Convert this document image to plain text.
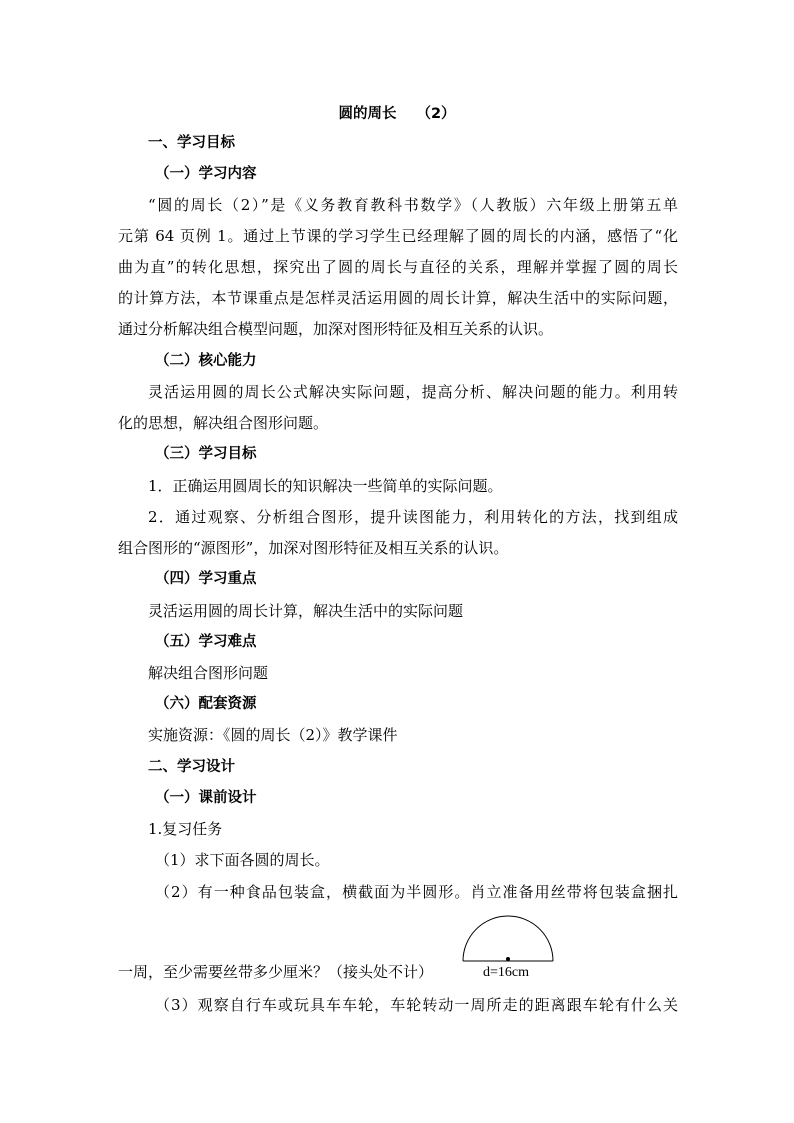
圆的周长 （2）
一、学习目标
（一）学习内容
“圆的周长（2）”是《义务教育教科书数学》（人教版）六年级上册第五单
元第 64 页例 1。通过上节课的学习学生已经理解了圆的周长的内涵，感悟了“化
曲为直”的转化思想，探究出了圆的周长与直径的关系，理解并掌握了圆的周长
的计算方法，本节课重点是怎样灵活运用圆的周长计算，解决生活中的实际问题，
通过分析解决组合模型问题，加深对图形特征及相互关系的认识。
（二）核心能力
灵活运用圆的周长公式解决实际问题，提高分析、解决问题的能力。利用转
化的思想，解决组合图形问题。
（三）学习目标
1．正确运用圆周长的知识解决一些简单的实际问题。
2．通过观察、分析组合图形，提升读图能力，利用转化的方法，找到组成
组合图形的“源图形”，加深对图形特征及相互关系的认识。
（四）学习重点
灵活运用圆的周长计算，解决生活中的实际问题
（五）学习难点
解决组合图形问题
（六）配套资源
实施资源：《圆的周长（2）》教学课件
二、学习设计
（一）课前设计
1.复习任务
（1）求下面各圆的周长。
（2）有一种食品包装盒，横截面为半圆形。肖立准备用丝带将包装盒捆扎
一周，至少需要丝带多少厘米？（接头处不计）
（3）观察自行车或玩具车车轮，车轮转动一周所走的距离跟车轮有什么关
d=16cm
